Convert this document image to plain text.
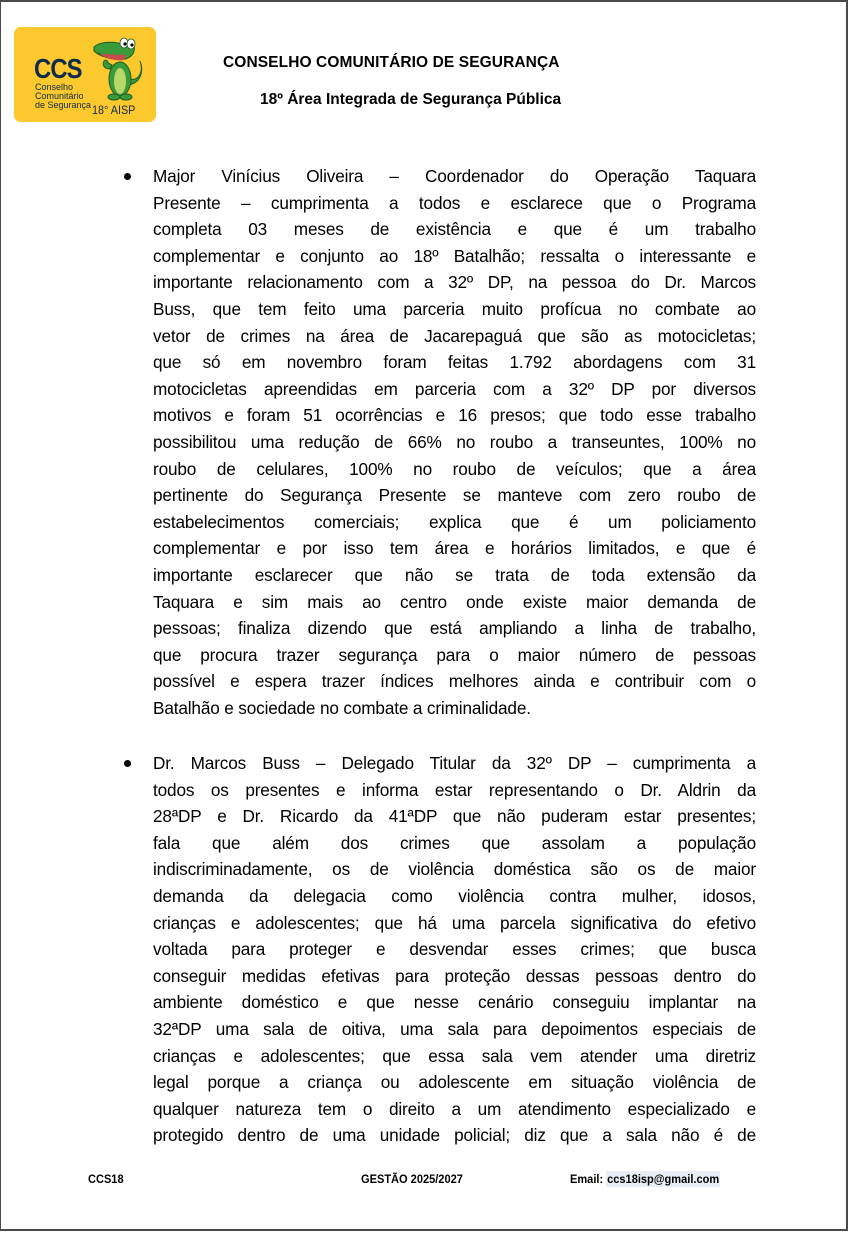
CCS
Conselho
Comunitário
de Segurança 18° AISP
CONSELHO COMUNITÁRIO DE SEGURANÇA
18º Área Integrada de Segurança Pública
Major Vinícius Oliveira – Coordenador do Operação Taquara
Presente – cumprimenta a todos e esclarece que o Programa
completa 03 meses de existência e que é um trabalho
complementar e conjunto ao 18º Batalhão; ressalta o interessante e
importante relacionamento com a 32º DP, na pessoa do Dr. Marcos
Buss, que tem feito uma parceria muito profícua no combate ao
vetor de crimes na área de Jacarepaguá que são as motocicletas;
que só em novembro foram feitas 1.792 abordagens com 31
motocicletas apreendidas em parceria com a 32º DP por diversos
motivos e foram 51 ocorrências e 16 presos; que todo esse trabalho
possibilitou uma redução de 66% no roubo a transeuntes, 100% no
roubo de celulares, 100% no roubo de veículos; que a área
pertinente do Segurança Presente se manteve com zero roubo de
estabelecimentos comerciais; explica que é um policiamento
complementar e por isso tem área e horários limitados, e que é
importante esclarecer que não se trata de toda extensão da
Taquara e sim mais ao centro onde existe maior demanda de
pessoas; finaliza dizendo que está ampliando a linha de trabalho,
que procura trazer segurança para o maior número de pessoas
possível e espera trazer índices melhores ainda e contribuir com o
Batalhão e sociedade no combate a criminalidade.
Dr. Marcos Buss – Delegado Titular da 32º DP – cumprimenta a
todos os presentes e informa estar representando o Dr. Aldrin da
28ªDP e Dr. Ricardo da 41ªDP que não puderam estar presentes;
fala que além dos crimes que assolam a população
indiscriminadamente, os de violência doméstica são os de maior
demanda da delegacia como violência contra mulher, idosos,
crianças e adolescentes; que há uma parcela significativa do efetivo
voltada para proteger e desvendar esses crimes; que busca
conseguir medidas efetivas para proteção dessas pessoas dentro do
ambiente doméstico e que nesse cenário conseguiu implantar na
32ªDP uma sala de oitiva, uma sala para depoimentos especiais de
crianças e adolescentes; que essa sala vem atender uma diretriz
legal porque a criança ou adolescente em situação violência de
qualquer natureza tem o direito a um atendimento especializado e
protegido dentro de uma unidade policial; diz que a sala não é de
CCS18	GESTÃO 2025/2027	Email: ccs18isp@gmail.com
